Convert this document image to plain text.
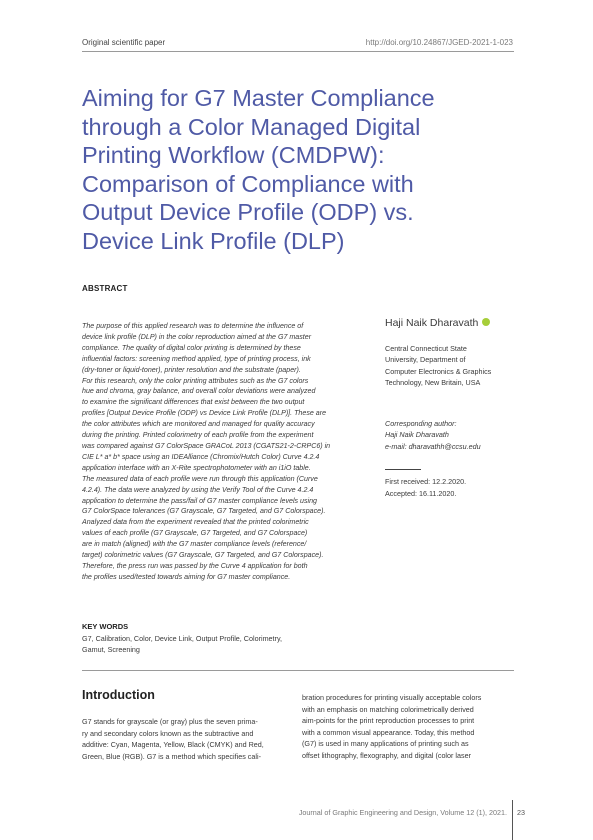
Original scientific paper	http://doi.org/10.24867/JGED-2021-1-023
Aiming for G7 Master Compliance
through a Color Managed Digital
Printing Workflow (CMDPW):
Comparison of Compliance with
Output Device Profile (ODP) vs.
Device Link Profile (DLP)
ABSTRACT
The purpose of this applied research was to determine the influence of
device link profile (DLP) in the color reproduction aimed at the G7 master
compliance. The quality of digital color printing is determined by these
influential factors: screening method applied, type of printing process, ink
(dry-toner or liquid-toner), printer resolution and the substrate (paper).
For this research, only the color printing attributes such as the G7 colors
hue and chroma, gray balance, and overall color deviations were analyzed
to examine the significant differences that exist between the two output
profiles [Output Device Profile (ODP) vs Device Link Profile (DLP)]. These are
the color attributes which are monitored and managed for quality accuracy
during the printing. Printed colorimetry of each profile from the experiment
was compared against G7 ColorSpace GRACoL 2013 (CGATS21-2-CRPC6) in
CIE L* a* b* space using an IDEAlliance (Chromix/Hutch Color) Curve 4.2.4
application interface with an X-Rite spectrophotometer with an i1iO table.
The measured data of each profile were run through this application (Curve
4.2.4). The data were analyzed by using the Verify Tool of the Curve 4.2.4
application to determine the pass/fail of G7 master compliance levels using
G7 ColorSpace tolerances (G7 Grayscale, G7 Targeted, and G7 Colorspace).
Analyzed data from the experiment revealed that the printed colorimetric
values of each profile (G7 Grayscale, G7 Targeted, and G7 Colorspace)
are in match (aligned) with the G7 master compliance levels (reference/
target) colorimetric values (G7 Grayscale, G7 Targeted, and G7 Colorspace).
Therefore, the press run was passed by the Curve 4 application for both
the profiles used/tested towards aiming for G7 master compliance.
Haji Naik Dharavath
Central Connecticut State
University, Department of
Computer Electronics & Graphics
Technology, New Britain, USA
Corresponding author:
Haji Naik Dharavath
e-mail: dharavathh@ccsu.edu
First received: 12.2.2020.
Accepted: 16.11.2020.
KEY WORDS
G7, Calibration, Color, Device Link, Output Profile, Colorimetry,
Gamut, Screening
Introduction
G7 stands for grayscale (or gray) plus the seven prima-
ry and secondary colors known as the subtractive and
additive: Cyan, Magenta, Yellow, Black (CMYK) and Red,
Green, Blue (RGB). G7 is a method which specifies cali-
bration procedures for printing visually acceptable colors
with an emphasis on matching colorimetrically derived
aim-points for the print reproduction processes to print
with a common visual appearance. Today, this method
(G7) is used in many applications of printing such as
offset lithography, flexography, and digital (color laser
Journal of Graphic Engineering and Design, Volume 12 (1), 2021. 23
